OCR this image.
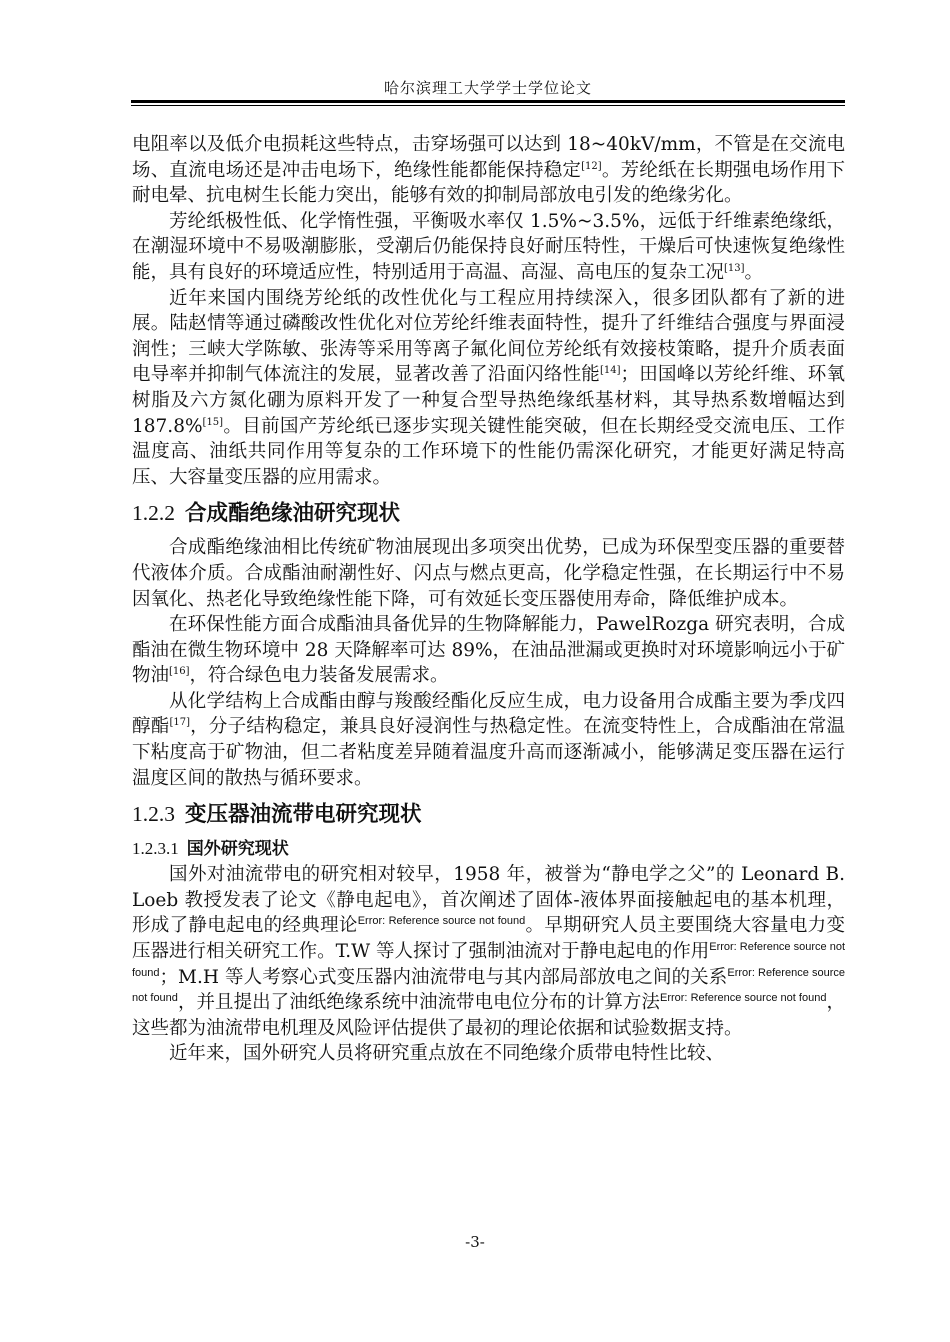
哈尔滨理工大学学士学位论文

电阻率以及低介电损耗这些特点，击穿场强可以达到 18~40kV/mm，不管是在交流电场、直流电场还是冲击电场下，绝缘性能都能保持稳定[12]。芳纶纸在长期强电场作用下耐电晕、抗电树生长能力突出，能够有效的抑制局部放电引发的绝缘劣化。

芳纶纸极性低、化学惰性强，平衡吸水率仅 1.5%~3.5%，远低于纤维素绝缘纸，在潮湿环境中不易吸潮膨胀，受潮后仍能保持良好耐压特性，干燥后可快速恢复绝缘性能，具有良好的环境适应性，特别适用于高温、高湿、高电压的复杂工况[13]。

近年来国内围绕芳纶纸的改性优化与工程应用持续深入，很多团队都有了新的进展。陆赵情等通过磷酸改性优化对位芳纶纤维表面特性，提升了纤维结合强度与界面浸润性；三峡大学陈敏、张涛等采用等离子氟化间位芳纶纸有效接枝策略，提升介质表面电导率并抑制气体流注的发展，显著改善了沿面闪络性能[14]；田国峰以芳纶纤维、环氧树脂及六方氮化硼为原料开发了一种复合型导热绝缘纸基材料，其导热系数增幅达到 187.8%[15]。目前国产芳纶纸已逐步实现关键性能突破，但在长期经受交流电压、工作温度高、油纸共同作用等复杂的工作环境下的性能仍需深化研究，才能更好满足特高压、大容量变压器的应用需求。

1.2.2 合成酯绝缘油研究现状

合成酯绝缘油相比传统矿物油展现出多项突出优势，已成为环保型变压器的重要替代液体介质。合成酯油耐潮性好、闪点与燃点更高，化学稳定性强，在长期运行中不易因氧化、热老化导致绝缘性能下降，可有效延长变压器使用寿命，降低维护成本。

在环保性能方面合成酯油具备优异的生物降解能力，PawelRozga 研究表明，合成酯油在微生物环境中 28 天降解率可达 89%，在油品泄漏或更换时对环境影响远小于矿物油[16]，符合绿色电力装备发展需求。

从化学结构上合成酯由醇与羧酸经酯化反应生成，电力设备用合成酯主要为季戊四醇酯[17]，分子结构稳定，兼具良好浸润性与热稳定性。在流变特性上，合成酯油在常温下粘度高于矿物油，但二者粘度差异随着温度升高而逐渐减小，能够满足变压器在运行温度区间的散热与循环要求。

1.2.3 变压器油流带电研究现状
1.2.3.1 国外研究现状

国外对油流带电的研究相对较早，1958 年，被誉为“静电学之父”的 Leonard B. Loeb 教授发表了论文《静电起电》，首次阐述了固体-液体界面接触起电的基本机理，形成了静电起电的经典理论$^{Error: Reference source not found}$。早期研究人员主要围绕大容量电力变压器进行相关研究工作。T.W 等人探讨了强制油流对于静电起电的作用$^{Error: Reference source not found}$；M.H 等人考察心式变压器内油流带电与其内部局部放电之间的关系$^{Error: Reference source not found}$，并且提出了油纸绝缘系统中油流带电电位分布的计算方法$^{Error: Reference source not found}$，这些都为油流带电机理及风险评估提供了最初的理论依据和试验数据支持。

近年来，国外研究人员将研究重点放在不同绝缘介质带电特性比较、

-3-
